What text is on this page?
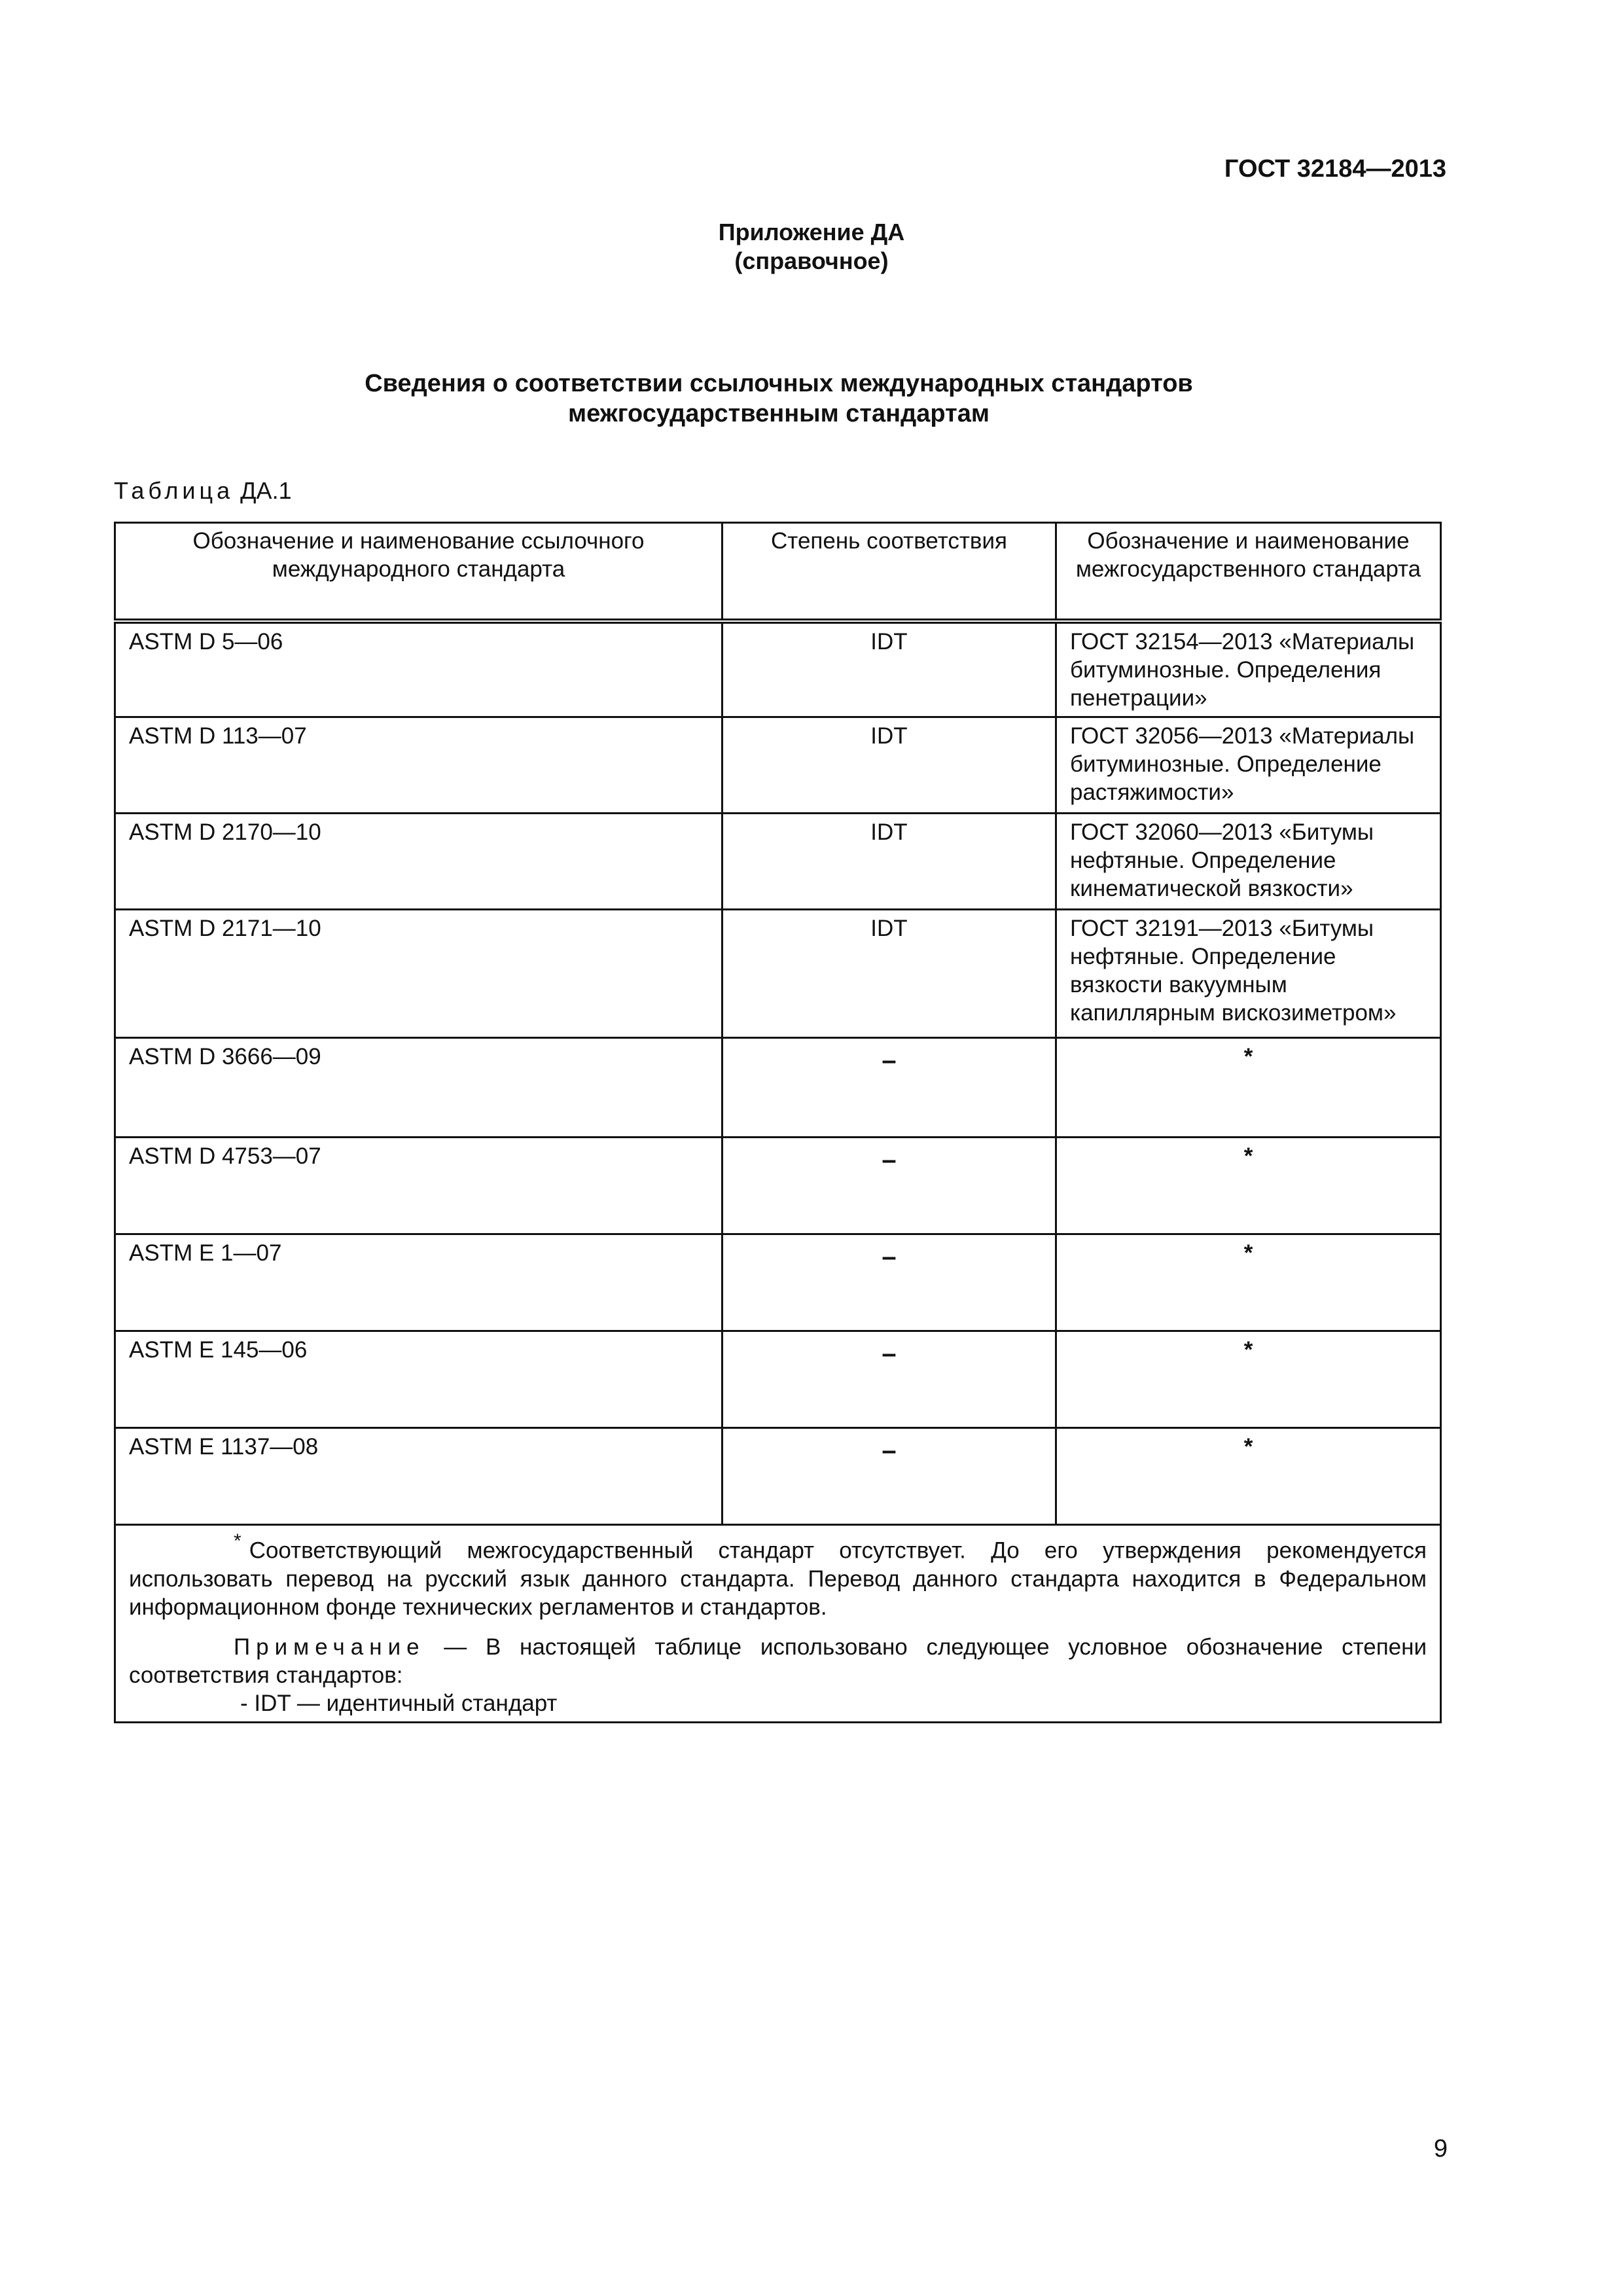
ГОСТ 32184—2013
Приложение ДА
(справочное)
Сведения о соответствии ссылочных международных стандартов
межгосударственным стандартам
Таблица ДА.1
Обозначение и наименование ссылочного международного стандарта	Степень соответствия	Обозначение и наименование межгосударственного стандарта
ASTM D 5—06	IDT	ГОСТ 32154—2013 «Материалы битуминозные. Определения пенетрации»
ASTM D 113—07	IDT	ГОСТ 32056—2013 «Материалы битуминозные. Определение растяжимости»
ASTM D 2170—10	IDT	ГОСТ 32060—2013 «Битумы нефтяные. Определение кинематической вязкости»
ASTM D 2171—10	IDT	ГОСТ 32191—2013 «Битумы нефтяные. Определение вязкости вакуумным капиллярным вискозиметром»
ASTM D 3666—09	–	*
ASTM D 4753—07	–	*
ASTM E 1—07	–	*
ASTM E 145—06	–	*
ASTM E 1137—08	–	*

* Соответствующий межгосударственный стандарт отсутствует. До его утверждения рекомендуется использовать перевод на русский язык данного стандарта. Перевод данного стандарта находится в Федеральном информационном фонде технических регламентов и стандартов.

Примечание — В настоящей таблице использовано следующее условное обозначение степени соответствия стандартов:

- IDT — идентичный стандарт		

9
